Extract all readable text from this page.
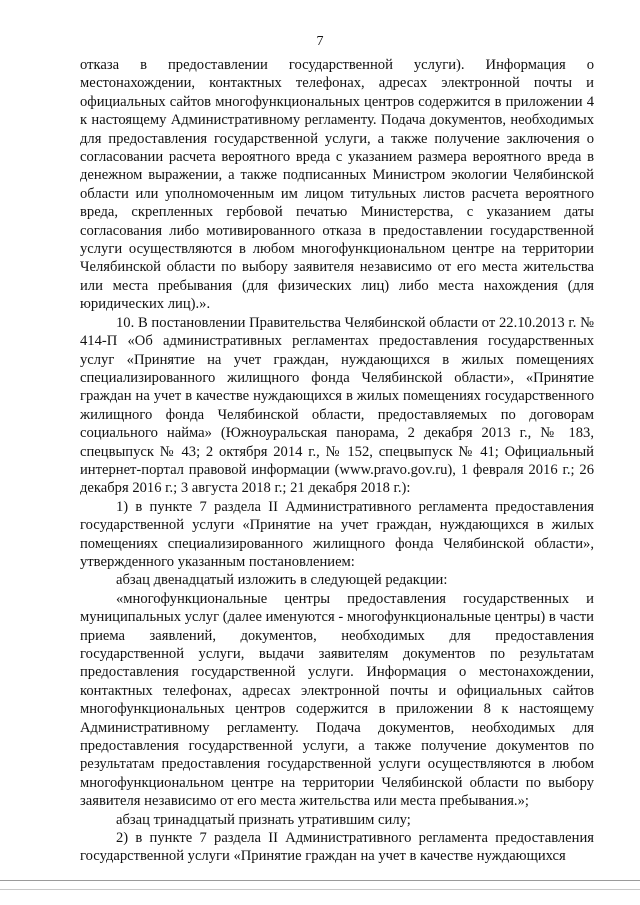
7

отказа в предоставлении государственной услуги). Информация о местонахождении, контактных телефонах, адресах электронной почты и официальных сайтов многофункциональных центров содержится в приложении 4 к настоящему Административному регламенту. Подача документов, необходимых для предоставления государственной услуги, а также получение заключения о согласовании расчета вероятного вреда с указанием размера вероятного вреда в денежном выражении, а также подписанных Министром экологии Челябинской области или уполномоченным им лицом титульных листов расчета вероятного вреда, скрепленных гербовой печатью Министерства, с указанием даты согласования либо мотивированного отказа в предоставлении государственной услуги осуществляются в любом многофункциональном центре на территории Челябинской области по выбору заявителя независимо от его места жительства или места пребывания (для физических лиц) либо места нахождения (для юридических лиц).».

10. В постановлении Правительства Челябинской области от 22.10.2013 г. № 414-П «Об административных регламентах предоставления государственных услуг «Принятие на учет граждан, нуждающихся в жилых помещениях специализированного жилищного фонда Челябинской области», «Принятие граждан на учет в качестве нуждающихся в жилых помещениях государственного жилищного фонда Челябинской области, предоставляемых по договорам социального найма» (Южноуральская панорама, 2 декабря 2013 г., № 183, спецвыпуск № 43; 2 октября 2014 г., № 152, спецвыпуск № 41; Официальный интернет-портал правовой информации (www.pravo.gov.ru), 1 февраля 2016 г.; 26 декабря 2016 г.; 3 августа 2018 г.; 21 декабря 2018 г.):

1) в пункте 7 раздела II Административного регламента предоставления государственной услуги «Принятие на учет граждан, нуждающихся в жилых помещениях специализированного жилищного фонда Челябинской области», утвержденного указанным постановлением:

абзац двенадцатый изложить в следующей редакции:

«многофункциональные центры предоставления государственных и муниципальных услуг (далее именуются - многофункциональные центры) в части приема заявлений, документов, необходимых для предоставления государственной услуги, выдачи заявителям документов по результатам предоставления государственной услуги. Информация о местонахождении, контактных телефонах, адресах электронной почты и официальных сайтов многофункциональных центров содержится в приложении 8 к настоящему Административному регламенту. Подача документов, необходимых для предоставления государственной услуги, а также получение документов по результатам предоставления государственной услуги осуществляются в любом многофункциональном центре на территории Челябинской области по выбору заявителя независимо от его места жительства или места пребывания.»;

абзац тринадцатый признать утратившим силу;

2) в пункте 7 раздела II Административного регламента предоставления государственной услуги «Принятие граждан на учет в качестве нуждающихся
